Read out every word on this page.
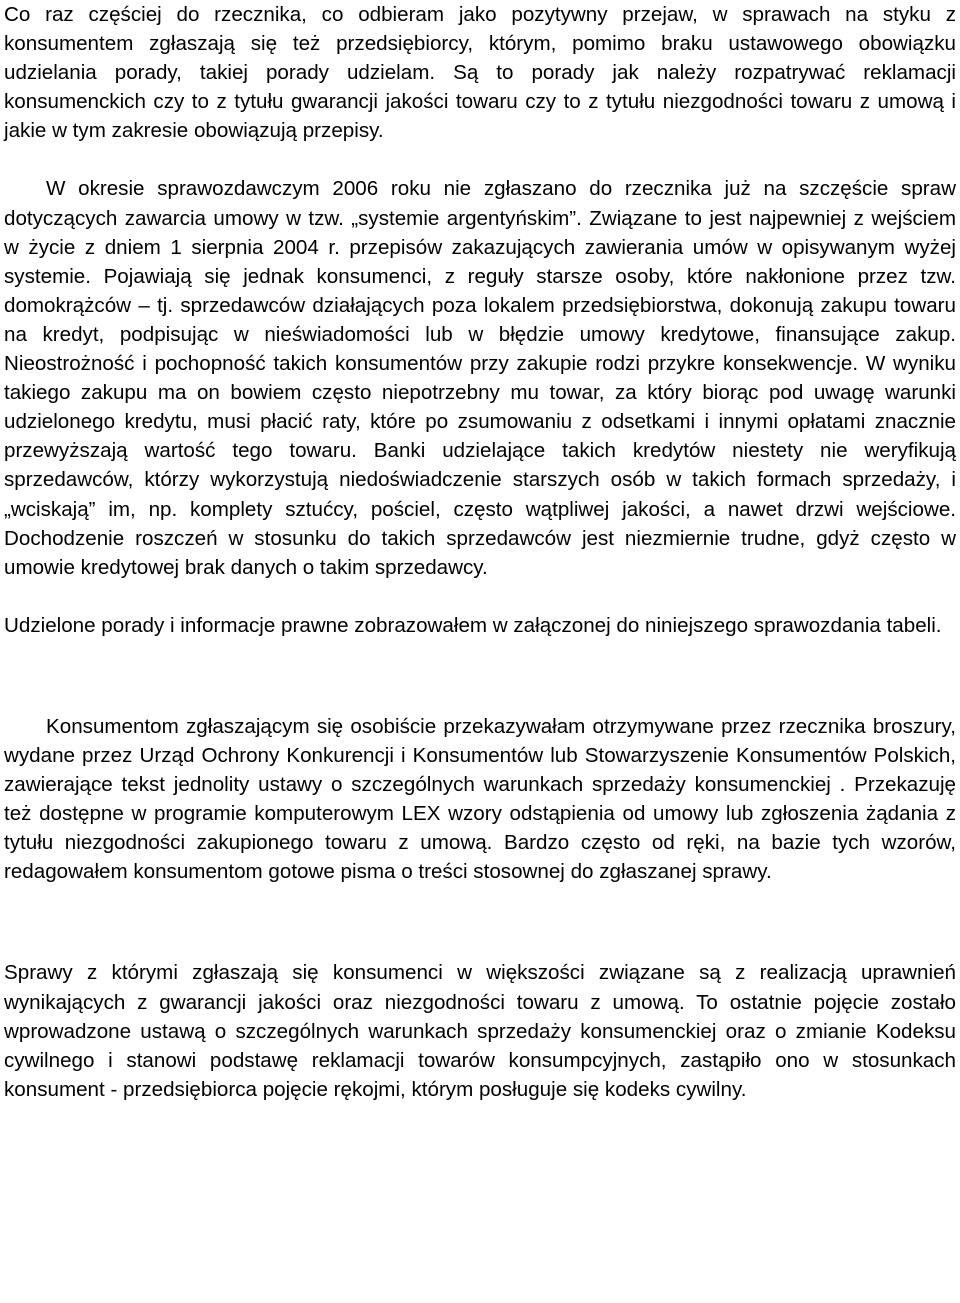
Co raz częściej do rzecznika, co odbieram jako pozytywny przejaw, w sprawach na styku z konsumentem zgłaszają się też przedsiębiorcy, którym, pomimo braku ustawowego obowiązku udzielania porady, takiej porady udzielam. Są to porady jak należy rozpatrywać reklamacji konsumenckich czy to z tytułu gwarancji jakości towaru czy to z tytułu niezgodności towaru z umową i jakie w tym zakresie obowiązują przepisy.

W okresie sprawozdawczym 2006 roku nie zgłaszano do rzecznika już na szczęście spraw dotyczących zawarcia umowy w tzw. „systemie argentyńskim”. Związane to jest najpewniej z wejściem w życie z dniem 1 sierpnia 2004 r. przepisów zakazujących zawierania umów w opisywanym wyżej systemie. Pojawiają się jednak konsumenci, z reguły starsze osoby, które nakłonione przez tzw. domokrążców – tj. sprzedawców działających poza lokalem przedsiębiorstwa, dokonują zakupu towaru na kredyt, podpisując w nieświadomości lub w błędzie umowy kredytowe, finansujące zakup. Nieostrożność i pochopność takich konsumentów przy zakupie rodzi przykre konsekwencje. W wyniku takiego zakupu ma on bowiem często niepotrzebny mu towar, za który biorąc pod uwagę warunki udzielonego kredytu, musi płacić raty, które po zsumowaniu z odsetkami i innymi opłatami znacznie przewyższają wartość tego towaru. Banki udzielające takich kredytów niestety nie weryfikują sprzedawców, którzy wykorzystują niedoświadczenie starszych osób w takich formach sprzedaży, i „wciskają” im, np. komplety sztućcy, pościel, często wątpliwej jakości, a nawet drzwi wejściowe. Dochodzenie roszczeń w stosunku do takich sprzedawców jest niezmiernie trudne, gdyż często w umowie kredytowej brak danych o takim sprzedawcy.

Udzielone porady i informacje prawne zobrazowałem w załączonej do niniejszego sprawozdania tabeli.

Konsumentom zgłaszającym się osobiście przekazywałam otrzymywane przez rzecznika broszury, wydane przez Urząd Ochrony Konkurencji i Konsumentów lub Stowarzyszenie Konsumentów Polskich, zawierające tekst jednolity ustawy o szczególnych warunkach sprzedaży konsumenckiej . Przekazuję też dostępne w programie komputerowym LEX wzory odstąpienia od umowy lub zgłoszenia żądania z tytułu niezgodności zakupionego towaru z umową. Bardzo często od ręki, na bazie tych wzorów, redagowałem konsumentom gotowe pisma o treści stosownej do zgłaszanej sprawy.

Sprawy z którymi zgłaszają się konsumenci w większości związane są z realizacją uprawnień wynikających z gwarancji jakości oraz niezgodności towaru z umową. To ostatnie pojęcie zostało wprowadzone ustawą o szczególnych warunkach sprzedaży konsumenckiej oraz o zmianie Kodeksu cywilnego i stanowi podstawę reklamacji towarów konsumpcyjnych, zastąpiło ono w stosunkach konsument - przedsiębiorca pojęcie rękojmi, którym posługuje się kodeks cywilny.
